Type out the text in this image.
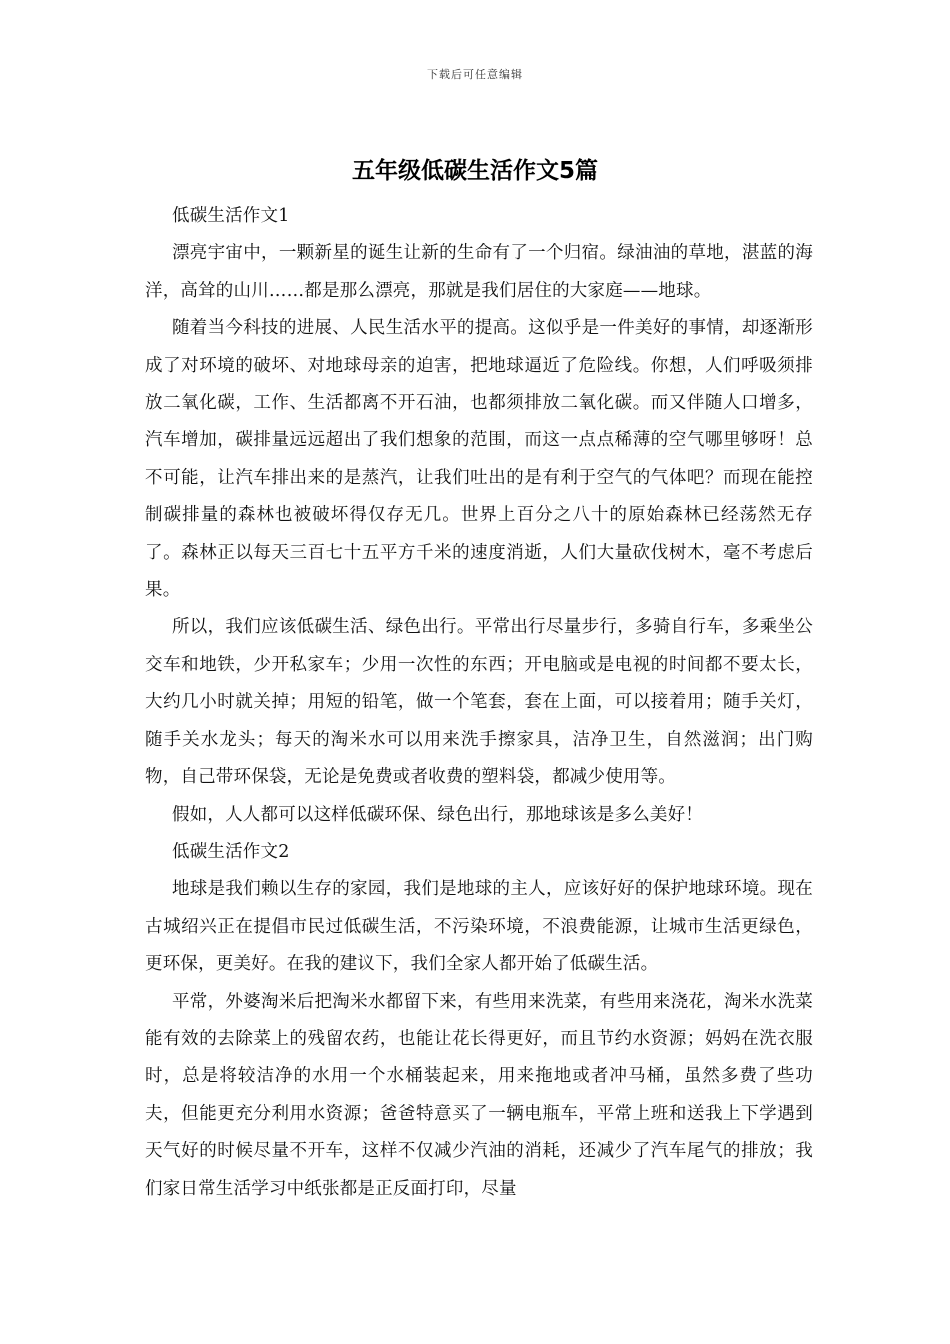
下载后可任意编辑
五年级低碳生活作文5篇

低碳生活作文1

漂亮宇宙中，一颗新星的诞生让新的生命有了一个归宿。绿油油的草地，湛蓝的海洋，高耸的山川……都是那么漂亮，那就是我们居住的大家庭——地球。

随着当今科技的进展、人民生活水平的提高。这似乎是一件美好的事情，却逐渐形成了对环境的破坏、对地球母亲的迫害，把地球逼近了危险线。你想，人们呼吸须排放二氧化碳，工作、生活都离不开石油，也都须排放二氧化碳。而又伴随人口增多，汽车增加，碳排量远远超出了我们想象的范围，而这一点点稀薄的空气哪里够呀！总不可能，让汽车排出来的是蒸汽，让我们吐出的是有利于空气的气体吧？而现在能控制碳排量的森林也被破坏得仅存无几。世界上百分之八十的原始森林已经荡然无存了。森林正以每天三百七十五平方千米的速度消逝，人们大量砍伐树木，毫不考虑后果。

所以，我们应该低碳生活、绿色出行。平常出行尽量步行，多骑自行车，多乘坐公交车和地铁，少开私家车；少用一次性的东西；开电脑或是电视的时间都不要太长，大约几小时就关掉；用短的铅笔，做一个笔套，套在上面，可以接着用；随手关灯，随手关水龙头；每天的淘米水可以用来洗手擦家具，洁净卫生，自然滋润；出门购物，自己带环保袋，无论是免费或者收费的塑料袋，都减少使用等。

假如，人人都可以这样低碳环保、绿色出行，那地球该是多么美好！

低碳生活作文2

地球是我们赖以生存的家园，我们是地球的主人，应该好好的保护地球环境。现在古城绍兴正在提倡市民过低碳生活，不污染环境，不浪费能源，让城市生活更绿色，更环保，更美好。在我的建议下，我们全家人都开始了低碳生活。

平常，外婆淘米后把淘米水都留下来，有些用来洗菜，有些用来浇花，淘米水洗菜能有效的去除菜上的残留农药，也能让花长得更好，而且节约水资源；妈妈在洗衣服时，总是将较洁净的水用一个水桶装起来，用来拖地或者冲马桶，虽然多费了些功夫，但能更充分利用水资源；爸爸特意买了一辆电瓶车，平常上班和送我上下学遇到天气好的时候尽量不开车，这样不仅减少汽油的消耗，还减少了汽车尾气的排放；我们家日常生活学习中纸张都是正反面打印，尽量
